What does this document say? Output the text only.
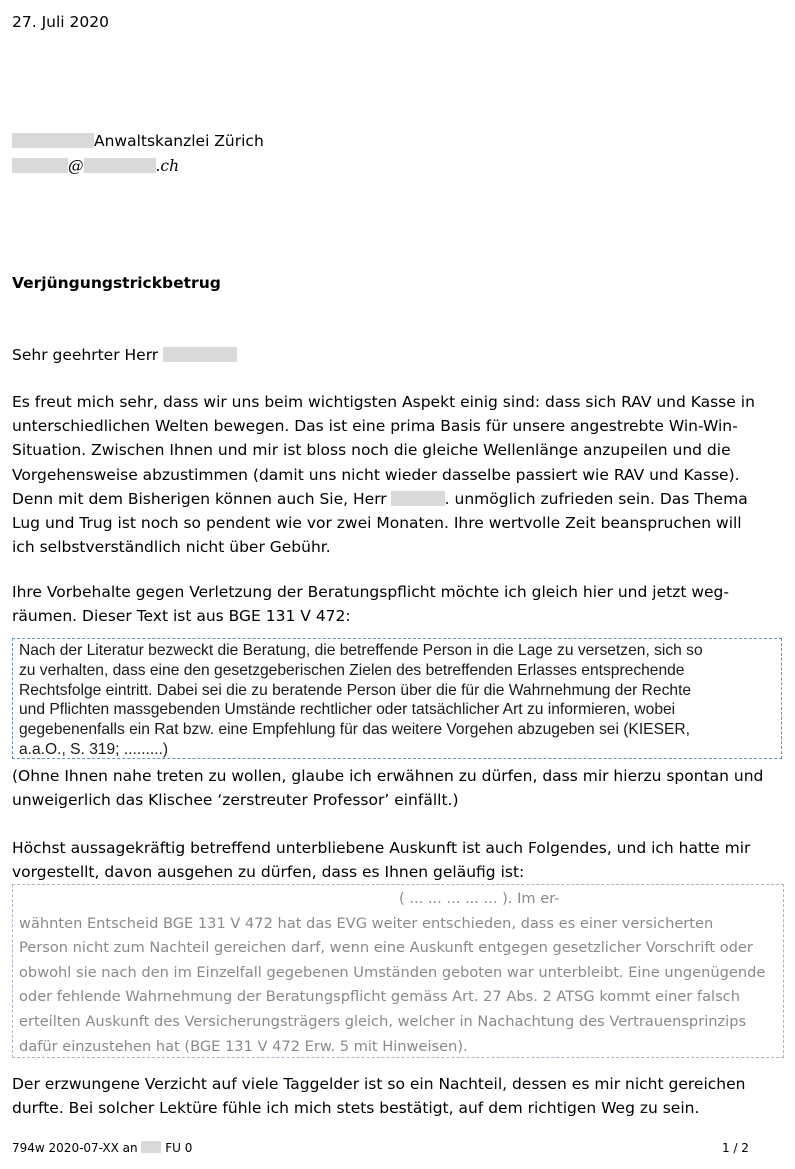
27. Juli 2020
Anwaltskanzlei Zürich
@	.ch
Verjüngungstrickbetrug
Sehr geehrter Herr
Es freut mich sehr, dass wir uns beim wichtigsten Aspekt einig sind: dass sich RAV und Kasse in
unterschiedlichen Welten bewegen. Das ist eine prima Basis für unsere angestrebte Win-Win-
Situation. Zwischen Ihnen und mir ist bloss noch die gleiche Wellenlänge anzupeilen und die
Vorgehensweise abzustimmen (damit uns nicht wieder dasselbe passiert wie RAV und Kasse).
Denn mit dem Bisherigen können auch Sie, Herr	. unmöglich zufrieden sein. Das Thema
Lug und Trug ist noch so pendent wie vor zwei Monaten. Ihre wertvolle Zeit beanspruchen will
ich selbstverständlich nicht über Gebühr.
Ihre Vorbehalte gegen Verletzung der Beratungspflicht möchte ich gleich hier und jetzt weg-
räumen. Dieser Text ist aus BGE 131 V 472:
Nach der Literatur bezweckt die Beratung, die betreffende Person in die Lage zu versetzen, sich so
zu verhalten, dass eine den gesetzgeberischen Zielen des betreffenden Erlasses entsprechende
Rechtsfolge eintritt. Dabei sei die zu beratende Person über die für die Wahrnehmung der Rechte
und Pflichten massgebenden Umstände rechtlicher oder tatsächlicher Art zu informieren, wobei
gegebenenfalls ein Rat bzw. eine Empfehlung für das weitere Vorgehen abzugeben sei (KIESER,
a.a.O., S. 319; .........)
(Ohne Ihnen nahe treten zu wollen, glaube ich erwähnen zu dürfen, dass mir hierzu spontan und
unweigerlich das Klischee ‘zerstreuter Professor’ einfällt.)
Höchst aussagekräftig betreffend unterbliebene Auskunft ist auch Folgendes, und ich hatte mir
vorgestellt, davon ausgehen zu dürfen, dass es Ihnen geläufig ist:
( ... ... ... ... ... ). Im er-
wähnten Entscheid BGE 131 V 472 hat das EVG weiter entschieden, dass es einer versicherten
Person nicht zum Nachteil gereichen darf, wenn eine Auskunft entgegen gesetzlicher Vorschrift oder
obwohl sie nach den im Einzelfall gegebenen Umständen geboten war unterbleibt. Eine ungenügende
oder fehlende Wahrnehmung der Beratungspflicht gemäss Art. 27 Abs. 2 ATSG kommt einer falsch
erteilten Auskunft des Versicherungsträgers gleich, welcher in Nachachtung des Vertrauensprinzips
dafür einzustehen hat (BGE 131 V 472 Erw. 5 mit Hinweisen).
Der erzwungene Verzicht auf viele Taggelder ist so ein Nachteil, dessen es mir nicht gereichen
durfte. Bei solcher Lektüre fühle ich mich stets bestätigt, auf dem richtigen Weg zu sein.
794w 2020-07-XX an FU 0	1 / 2
